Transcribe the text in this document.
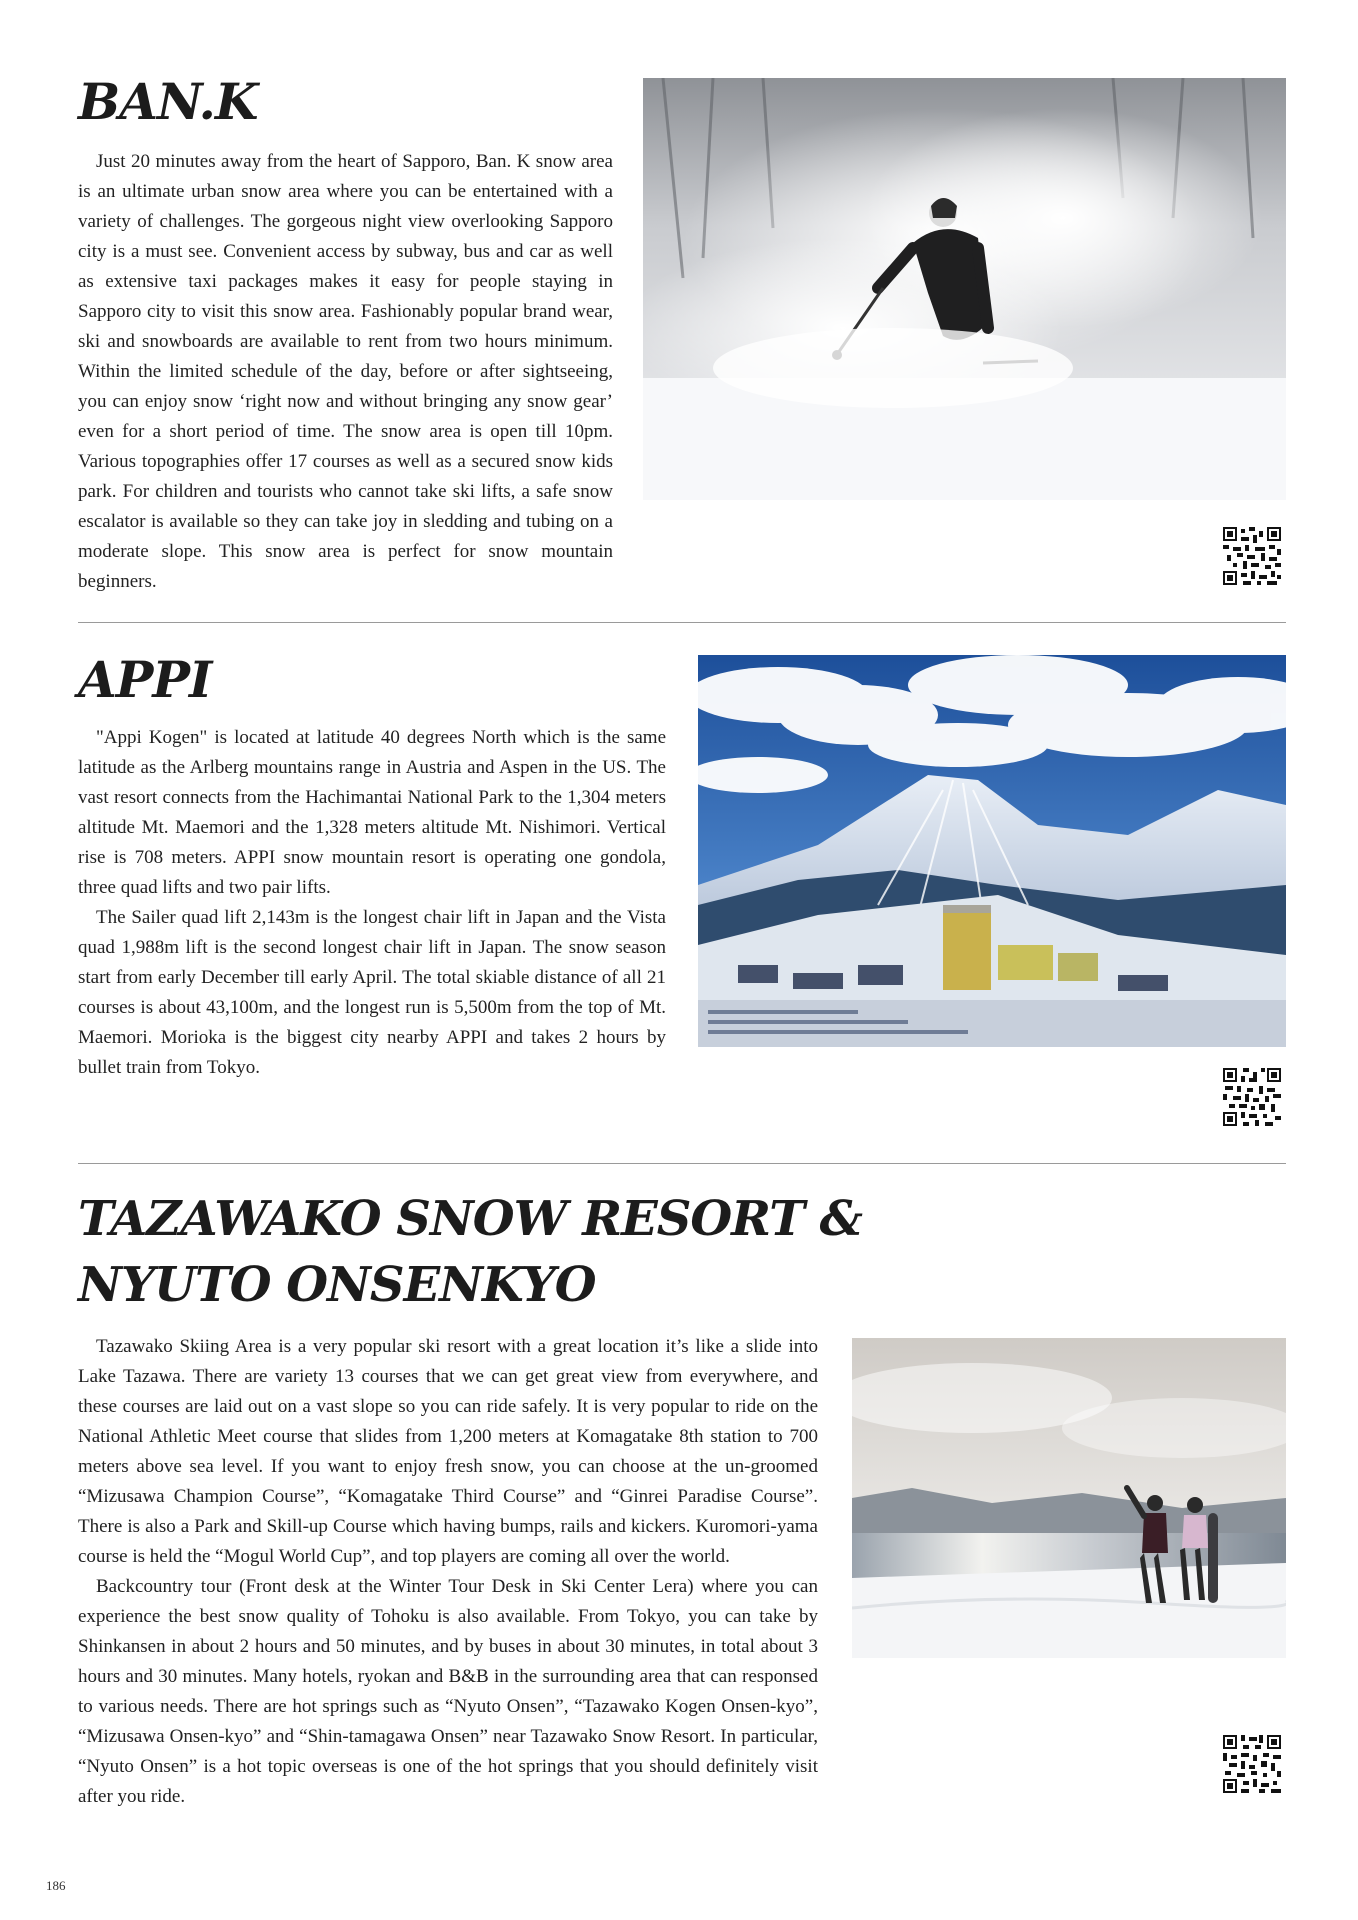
BAN.K

Just 20 minutes away from the heart of Sapporo, Ban. K snow area is an ultimate urban snow area where you can be entertained with a variety of challenges. The gorgeous night view overlooking Sapporo city is a must see. Convenient access by subway, bus and car as well as extensive taxi packages makes it easy for people staying in Sapporo city to visit this snow area. Fashionably popular brand wear, ski and snowboards are available to rent from two hours minimum. Within the limited schedule of the day, before or after sightseeing, you can enjoy snow ‘right now and without bringing any snow gear’ even for a short period of time. The snow area is open till 10pm. Various topographies offer 17 courses as well as a secured snow kids park. For children and tourists who cannot take ski lifts, a safe snow escalator is available so they can take joy in sledding and tubing on a moderate slope. This snow area is perfect for snow mountain beginners.

APPI

"Appi Kogen" is located at latitude 40 degrees North which is the same latitude as the Arlberg mountains range in Austria and Aspen in the US. The vast resort connects from the Hachimantai National Park to the 1,304 meters altitude Mt. Maemori and the 1,328 meters altitude Mt. Nishimori. Vertical rise is 708 meters. APPI snow mountain resort is operating one gondola, three quad lifts and two pair lifts.

The Sailer quad lift 2,143m is the longest chair lift in Japan and the Vista quad 1,988m lift is the second longest chair lift in Japan. The snow season start from early December till early April. The total skiable distance of all 21 courses is about 43,100m, and the longest run is 5,500m from the top of Mt. Maemori. Morioka is the biggest city nearby APPI and takes 2 hours by bullet train from Tokyo.

TAZAWAKO SNOW RESORT &
NYUTO ONSENKYO

Tazawako Skiing Area is a very popular ski resort with a great location it’s like a slide into Lake Tazawa. There are variety 13 courses that we can get great view from everywhere, and these courses are laid out on a vast slope so you can ride safely. It is very popular to ride on the National Athletic Meet course that slides from 1,200 meters at Komagatake 8th station to 700 meters above sea level. If you want to enjoy fresh snow, you can choose at the un-groomed “Mizusawa Champion Course”, “Komagatake Third Course” and “Ginrei Paradise Course”. There is also a Park and Skill-up Course which having bumps, rails and kickers. Kuromori-yama course is held the “Mogul World Cup”, and top players are coming all over the world.

Backcountry tour (Front desk at the Winter Tour Desk in Ski Center Lera) where you can experience the best snow quality of Tohoku is also available. From Tokyo, you can take by Shinkansen in about 2 hours and 50 minutes, and by buses in about 30 minutes, in total about 3 hours and 30 minutes. Many hotels, ryokan and B&B in the surrounding area that can responsed to various needs. There are hot springs such as “Nyuto Onsen”, “Tazawako Kogen Onsen-kyo”, “Mizusawa Onsen-kyo” and “Shin-tamagawa Onsen” near Tazawako Snow Resort. In particular, “Nyuto Onsen” is a hot topic overseas is one of the hot springs that you should definitely visit after you ride.

186
